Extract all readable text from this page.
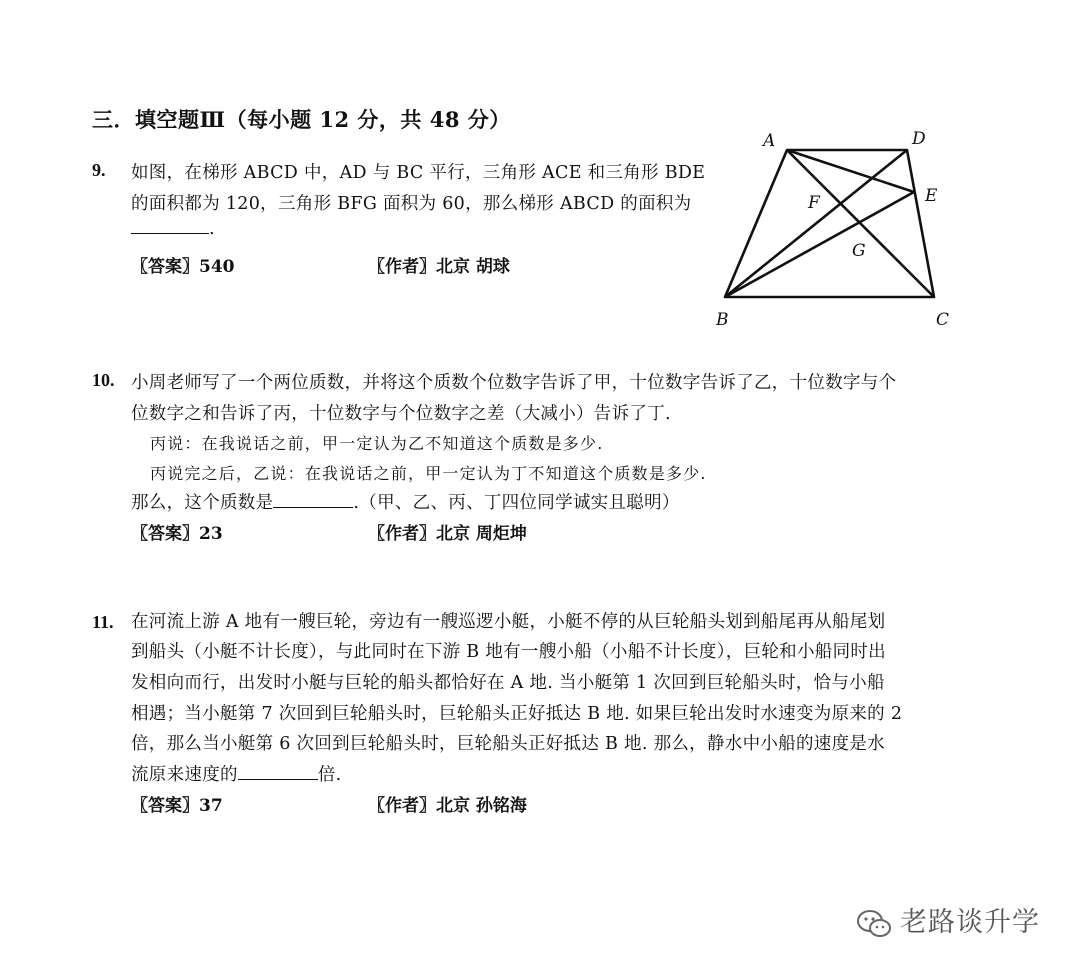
三．填空题Ⅲ（每小题 12 分，共 48 分）
9. 如图，在梯形 ABCD 中，AD 与 BC 平行，三角形 ACE 和三角形 BDE
的面积都为 120，三角形 BFG 面积为 60，那么梯形 ABCD 的面积为
.
〖答案〗540	〖作者〗北京 胡球
A	D
E
F
G
B	C
10. 小周老师写了一个两位质数，并将这个质数个位数字告诉了甲，十位数字告诉了乙，十位数字与个
位数字之和告诉了丙，十位数字与个位数字之差（大减小）告诉了丁.
丙说：在我说话之前，甲一定认为乙不知道这个质数是多少.
丙说完之后，乙说：在我说话之前，甲一定认为丁不知道这个质数是多少.
那么，这个质数是	.（甲、乙、丙、丁四位同学诚实且聪明）
〖答案〗23	〖作者〗北京 周炬坤
11. 在河流上游 A 地有一艘巨轮，旁边有一艘巡逻小艇，小艇不停的从巨轮船头划到船尾再从船尾划
到船头（小艇不计长度），与此同时在下游 B 地有一艘小船（小船不计长度），巨轮和小船同时出
发相向而行，出发时小艇与巨轮的船头都恰好在 A 地. 当小艇第 1 次回到巨轮船头时，恰与小船
相遇；当小艇第 7 次回到巨轮船头时，巨轮船头正好抵达 B 地. 如果巨轮出发时水速变为原来的 2
倍，那么当小艇第 6 次回到巨轮船头时，巨轮船头正好抵达 B 地. 那么，静水中小船的速度是水
流原来速度的	倍.
〖答案〗37	〖作者〗北京 孙铭海
老路谈升学
